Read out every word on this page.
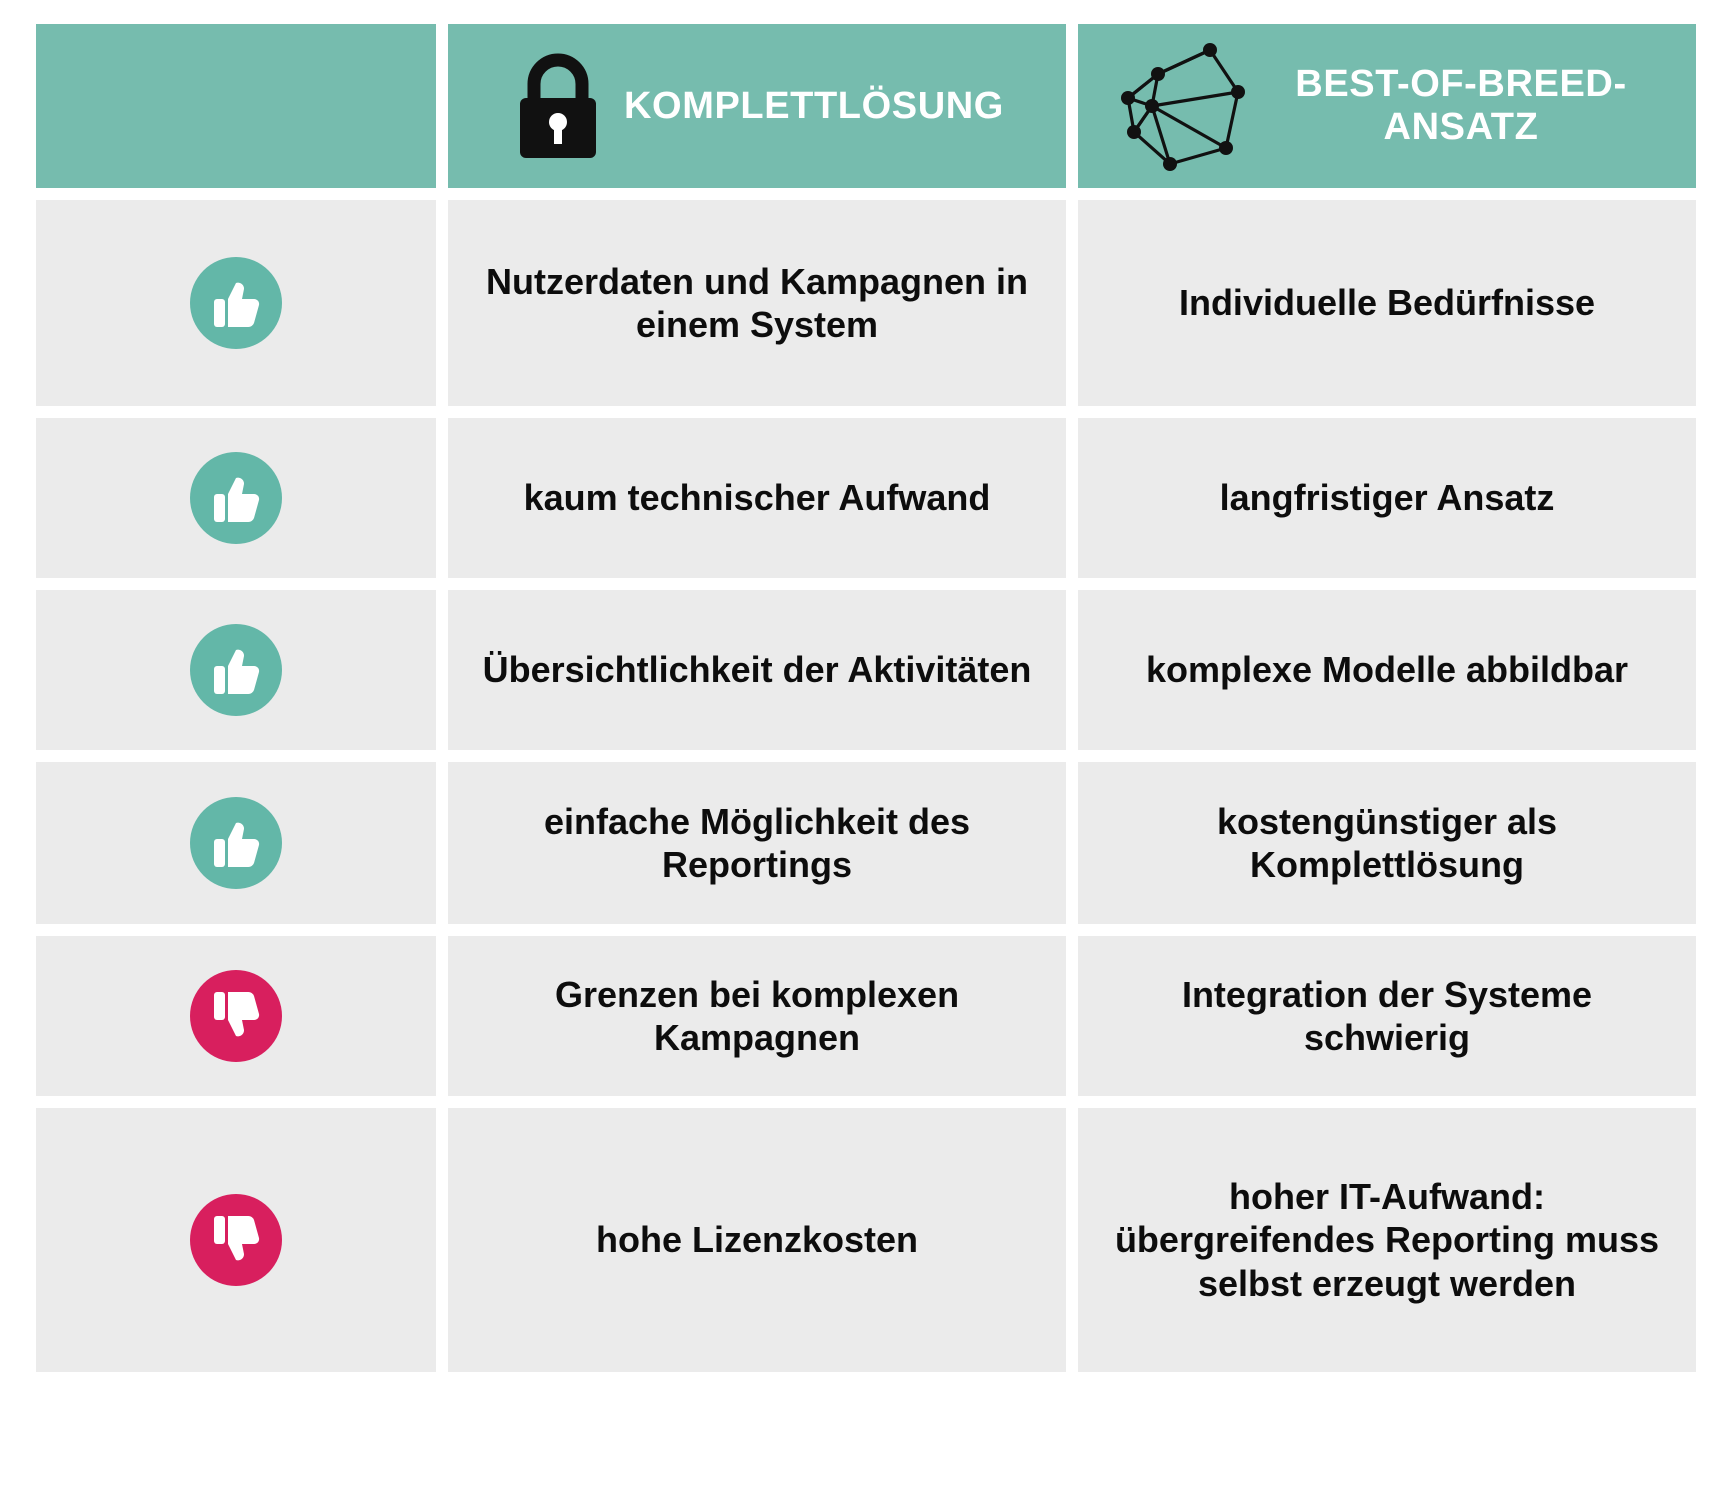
KOMPLETTLÖSUNG
BEST-OF-BREED-ANSATZ
Nutzerdaten und Kampagnen in einem System
Individuelle Bedürfnisse
kaum technischer Aufwand	langfristiger Ansatz
Übersichtlichkeit der Aktivitäten	komplexe Modelle abbildbar
einfache Möglichkeit des Reportings
kostengünstiger als Komplettlösung
Grenzen bei komplexen Kampagnen
Integration der Systeme schwierig
hohe Lizenzkosten
hoher IT-Aufwand: übergreifendes Reporting muss selbst erzeugt werden
